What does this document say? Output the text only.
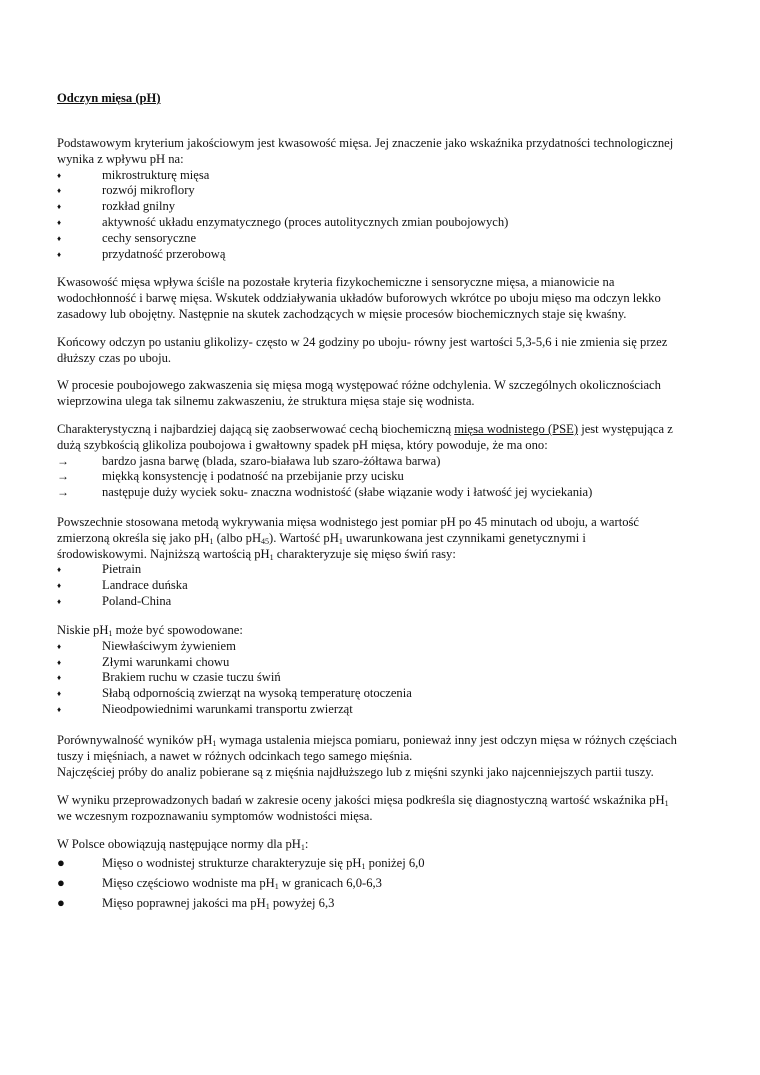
Odczyn mięsa (pH)

Podstawowym kryterium jakościowym jest kwasowość mięsa. Jej znaczenie jako wskaźnika przydatności technologicznej wynika z wpływu pH na:

♦	mikrostrukturę mięsa
♦	rozwój mikroflory
♦	rozkład gnilny
♦	aktywność układu enzymatycznego (proces autolitycznych zmian poubojowych)
♦	cechy sensoryczne
♦	przydatność przerobową

Kwasowość mięsa wpływa ściśle na pozostałe kryteria fizykochemiczne i sensoryczne mięsa, a mianowicie na wodochłonność i barwę mięsa. Wskutek oddziaływania układów buforowych wkrótce po uboju mięso ma odczyn lekko zasadowy lub obojętny. Następnie na skutek zachodzących w mięsie procesów biochemicznych staje się kwaśny.

Końcowy odczyn po ustaniu glikolizy- często w 24 godziny po uboju- równy jest wartości 5,3-5,6 i nie zmienia się przez dłuższy czas po uboju.

W procesie poubojowego zakwaszenia się mięsa mogą występować różne odchylenia. W szczególnych okolicznościach wieprzowina ulega tak silnemu zakwaszeniu, że struktura mięsa staje się wodnista.

Charakterystyczną i najbardziej dającą się zaobserwować cechą biochemiczną mięsa wodnistego (PSE) jest występująca z dużą szybkością glikoliza poubojowa i gwałtowny spadek pH mięsa, który powoduje, że ma ono:

→	bardzo jasna barwę (blada, szaro-biaława lub szaro-żółtawa barwa)
→	miękką konsystencję i podatność na przebijanie przy ucisku
→	następuje duży wyciek soku- znaczna wodnistość (słabe wiązanie wody i łatwość jej wyciekania)

Powszechnie stosowana metodą wykrywania mięsa wodnistego jest pomiar pH po 45 minutach od uboju, a wartość zmierzoną określa się jako $pH_1$ (albo $pH_{45}$). Wartość $pH_1$ uwarunkowana jest czynnikami genetycznymi i środowiskowymi. Najniższą wartością $pH_1$ charakteryzuje się mięso świń rasy:

♦	Pietrain
♦	Landrace duńska
♦	Poland-China

Niskie $pH_1$ może być spowodowane:

♦	Niewłaściwym żywieniem
♦	Złymi warunkami chowu
♦	Brakiem ruchu w czasie tuczu świń
♦	Słabą odpornością zwierząt na wysoką temperaturę otoczenia
♦	Nieodpowiednimi warunkami transportu zwierząt

Porównywalność wyników $pH_1$ wymaga ustalenia miejsca pomiaru, ponieważ inny jest odczyn mięsa w różnych częściach tuszy i mięśniach, a nawet w różnych odcinkach tego samego mięśnia.
Najczęściej próby do analiz pobierane są z mięśnia najdłuższego lub z mięśni szynki jako najcenniejszych partii tuszy.

W wyniku przeprowadzonych badań w zakresie oceny jakości mięsa podkreśla się diagnostyczną wartość wskaźnika $pH_1$ we wczesnym rozpoznawaniu symptomów wodnistości mięsa.

W Polsce obowiązują następujące normy dla $pH_1$:

●	Mięso o wodnistej strukturze charakteryzuje się $pH_1$ poniżej 6,0
●	Mięso częściowo wodniste ma $pH_1$ w granicach 6,0-6,3
●	Mięso poprawnej jakości ma $pH_1$ powyżej 6,3
